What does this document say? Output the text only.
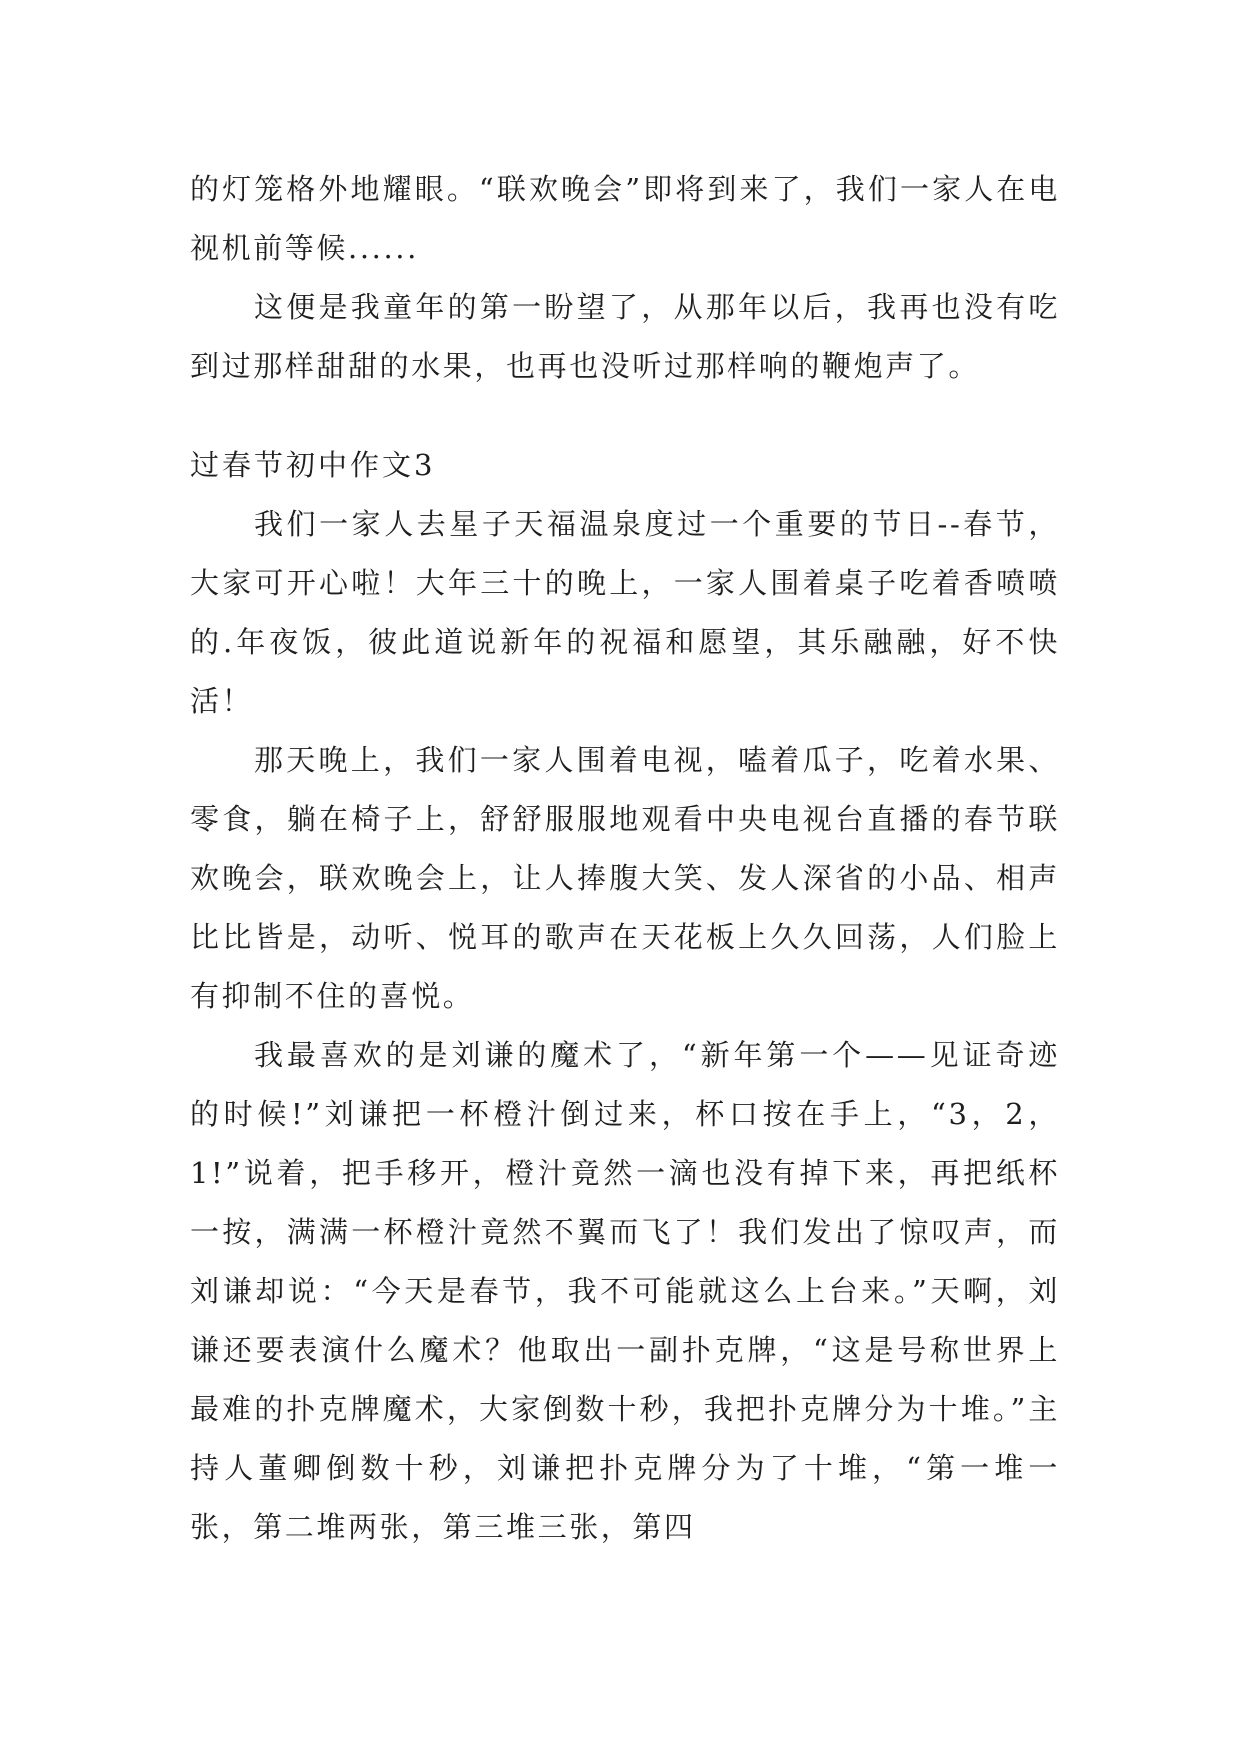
的灯笼格外地耀眼。“联欢晚会”即将到来了，我们一家人在电视机前等候......

这便是我童年的第一盼望了，从那年以后，我再也没有吃到过那样甜甜的水果，也再也没听过那样响的鞭炮声了。

过春节初中作文3

我们一家人去星子天福温泉度过一个重要的节日--春节，大家可开心啦！大年三十的晚上，一家人围着桌子吃着香喷喷的.年夜饭，彼此道说新年的祝福和愿望，其乐融融，好不快活！

那天晚上，我们一家人围着电视，嗑着瓜子，吃着水果、零食，躺在椅子上，舒舒服服地观看中央电视台直播的春节联欢晚会，联欢晚会上，让人捧腹大笑、发人深省的小品、相声比比皆是，动听、悦耳的歌声在天花板上久久回荡，人们脸上有抑制不住的喜悦。

我最喜欢的是刘谦的魔术了，“新年第一个——见证奇迹的时候!”刘谦把一杯橙汁倒过来，杯口按在手上，“3，2，1!”说着，把手移开，橙汁竟然一滴也没有掉下来，再把纸杯一按，满满一杯橙汁竟然不翼而飞了！我们发出了惊叹声，而刘谦却说：“今天是春节，我不可能就这么上台来。”天啊，刘谦还要表演什么魔术？他取出一副扑克牌，“这是号称世界上最难的扑克牌魔术，大家倒数十秒，我把扑克牌分为十堆。”主持人董卿倒数十秒，刘谦把扑克牌分为了十堆，“第一堆一张，第二堆两张，第三堆三张，第四
